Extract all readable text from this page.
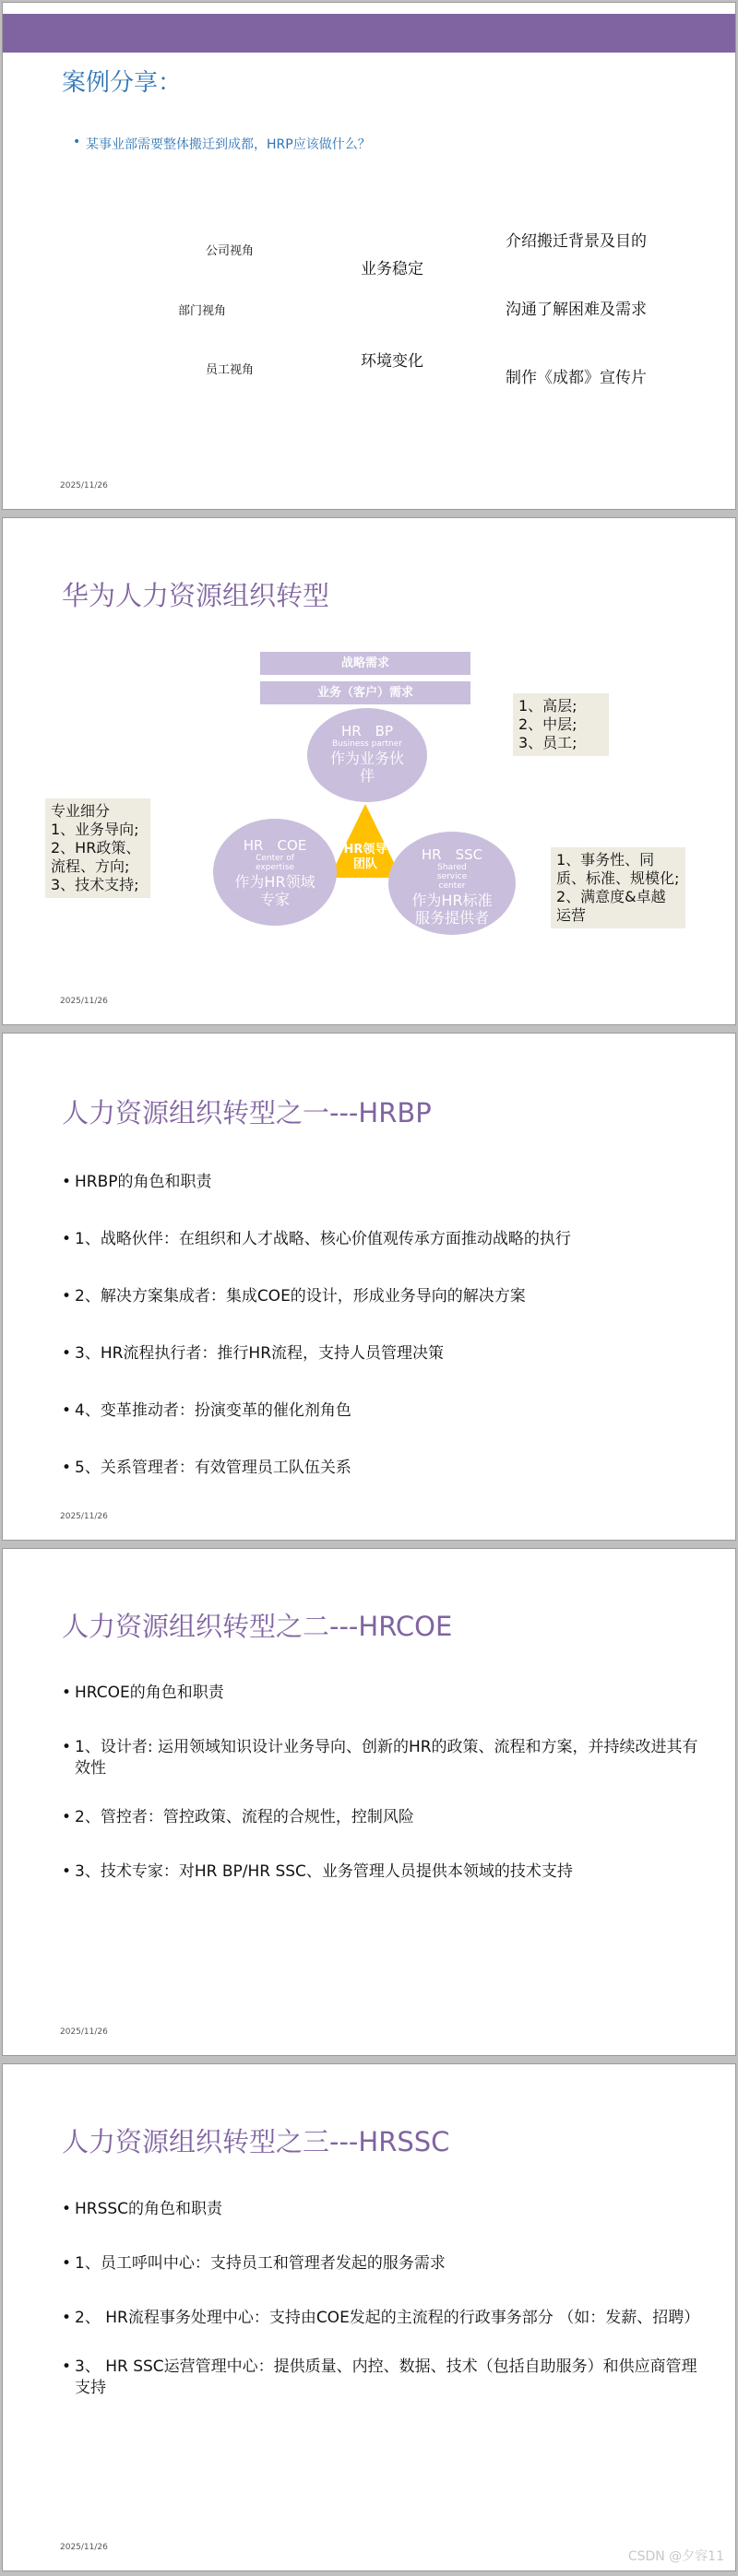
案例分享：
• 某事业部需要整体搬迁到成都，HRP应该做什么？
公司视角
部门视角
员工视角
业务稳定
环境变化
介绍搬迁背景及目的
沟通了解困难及需求
制作《成都》宣传片
2025/11/26
华为人力资源组织转型
战略需求
业务（客户）需求
HR　BP
Business partner
作为业务伙伴
HR　COE
Center of expertise
作为HR领域专家
HR　SSC
Shared service center
作为HR标准服务提供者
HR领导团队
1、高层;
2、中层;
3、员工;
专业细分
1、业务导向;
2、HR政策、流程、方向;
3、技术支持;
1、事务性、同质、标准、规模化;
2、满意度&卓越运营
2025/11/26
人力资源组织转型之一---HRBP
• HRBP的角色和职责
• 1、战略伙伴：在组织和人才战略、核心价值观传承方面推动战略的执行
• 2、解决方案集成者：集成COE的设计，形成业务导向的解决方案
• 3、HR流程执行者：推行HR流程，支持人员管理决策
• 4、变革推动者：扮演变革的催化剂角色
• 5、关系管理者：有效管理员工队伍关系
2025/11/26
人力资源组织转型之二---HRCOE
• HRCOE的角色和职责
• 1、设计者: 运用领域知识设计业务导向、创新的HR的政策、流程和方案，并持续改进其有效性
• 2、管控者：管控政策、流程的合规性，控制风险
• 3、技术专家：对HR BP/HR SSC、业务管理人员提供本领域的技术支持
2025/11/26
人力资源组织转型之三---HRSSC
• HRSSC的角色和职责
• 1、员工呼叫中心：支持员工和管理者发起的服务需求
• 2、 HR流程事务处理中心：支持由COE发起的主流程的行政事务部分 （如：发薪、招聘）
• 3、 HR SSC运营管理中心：提供质量、内控、数据、技术（包括自助服务）和供应商管理支持
2025/11/26
CSDN @夕容11
